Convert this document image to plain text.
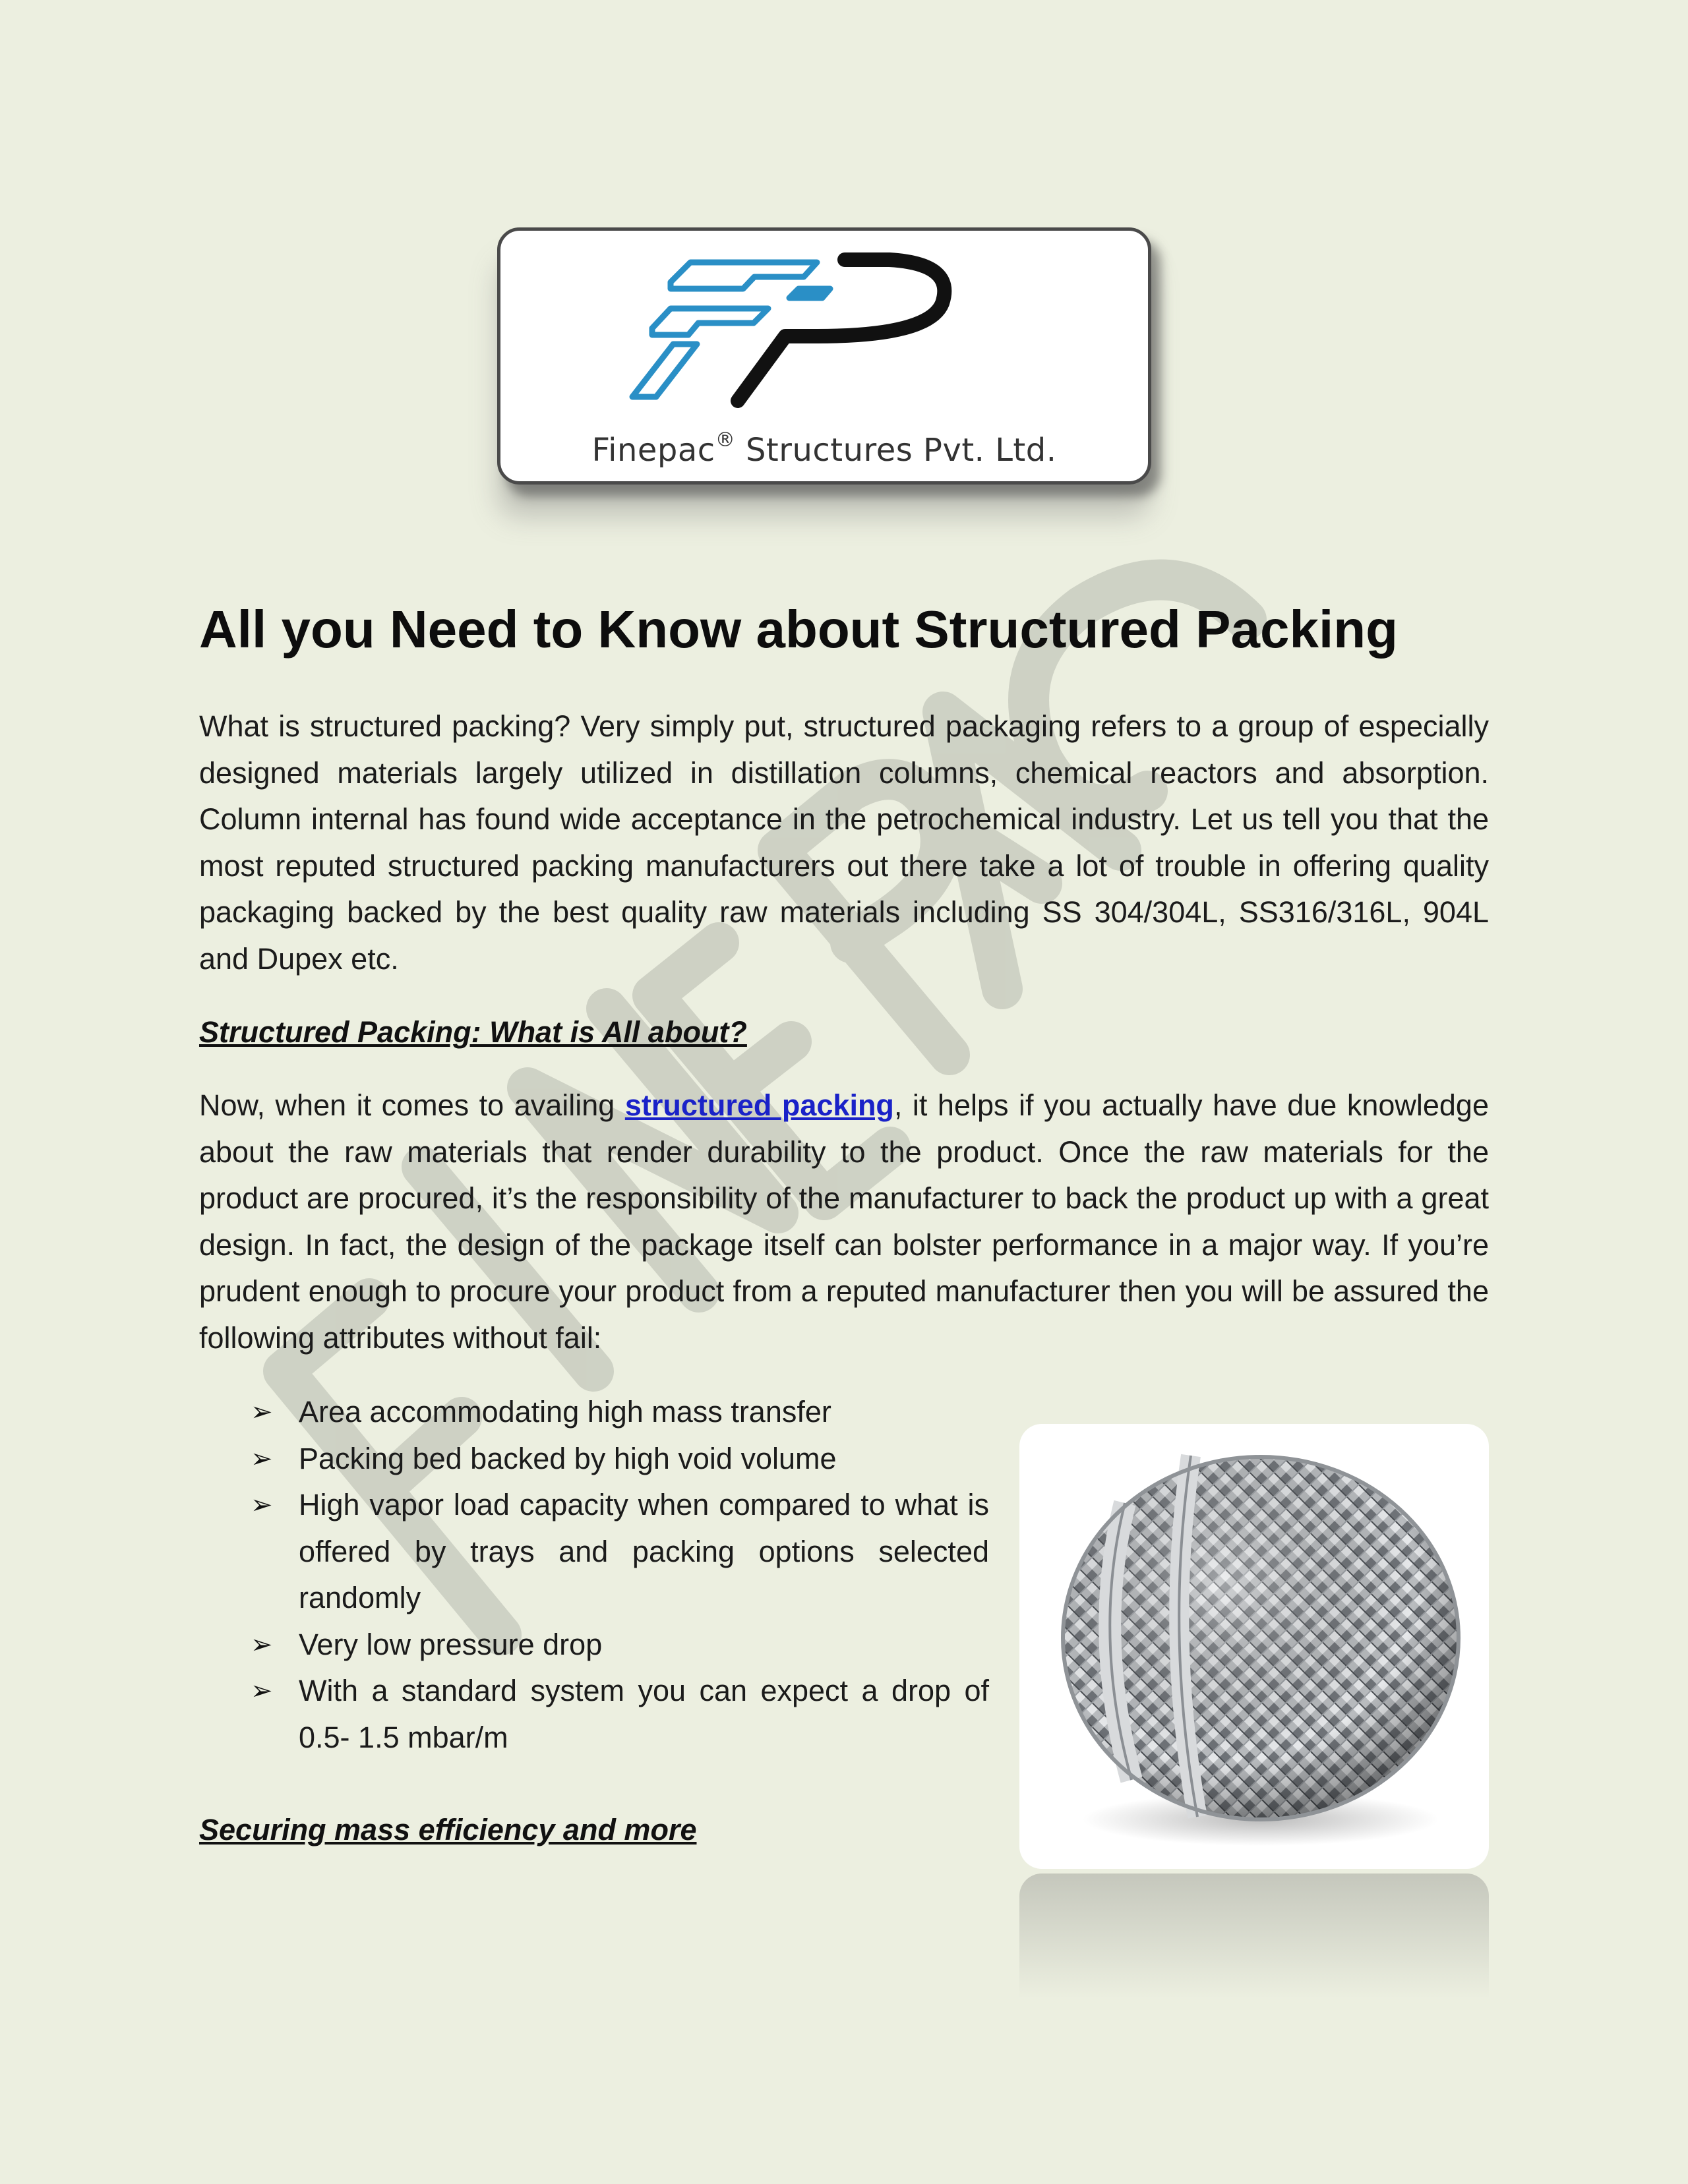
Finepac® Structures Pvt. Ltd.
All you Need to Know about Structured Packing

What is structured packing? Very simply put, structured packaging refers to a group of especially designed materials largely utilized in distillation columns, chemical reactors and absorption. Column internal has found wide acceptance in the petrochemical industry. Let us tell you that the most reputed structured packing manufacturers out there take a lot of trouble in offering quality packaging backed by the best quality raw materials including SS 304/304L, SS316/316L, 904L and Dupex etc.

Structured Packing: What is All about?

Now, when it comes to availing structured packing, it helps if you actually have due knowledge about the raw materials that render durability to the product. Once the raw materials for the product are procured, it’s the responsibility of the manufacturer to back the product up with a great design. In fact, the design of the package itself can bolster performance in a major way. If you’re prudent enough to procure your product from a reputed manufacturer then you will be assured the following attributes without fail:

➢ Area accommodating high mass transfer
➢ Packing bed backed by high void volume
➢ High vapor load capacity when compared to what is offered by trays and packing options selected randomly
➢ Very low pressure drop
➢ With a standard system you can expect a drop of 0.5- 1.5 mbar/m
Securing mass efficiency and more
